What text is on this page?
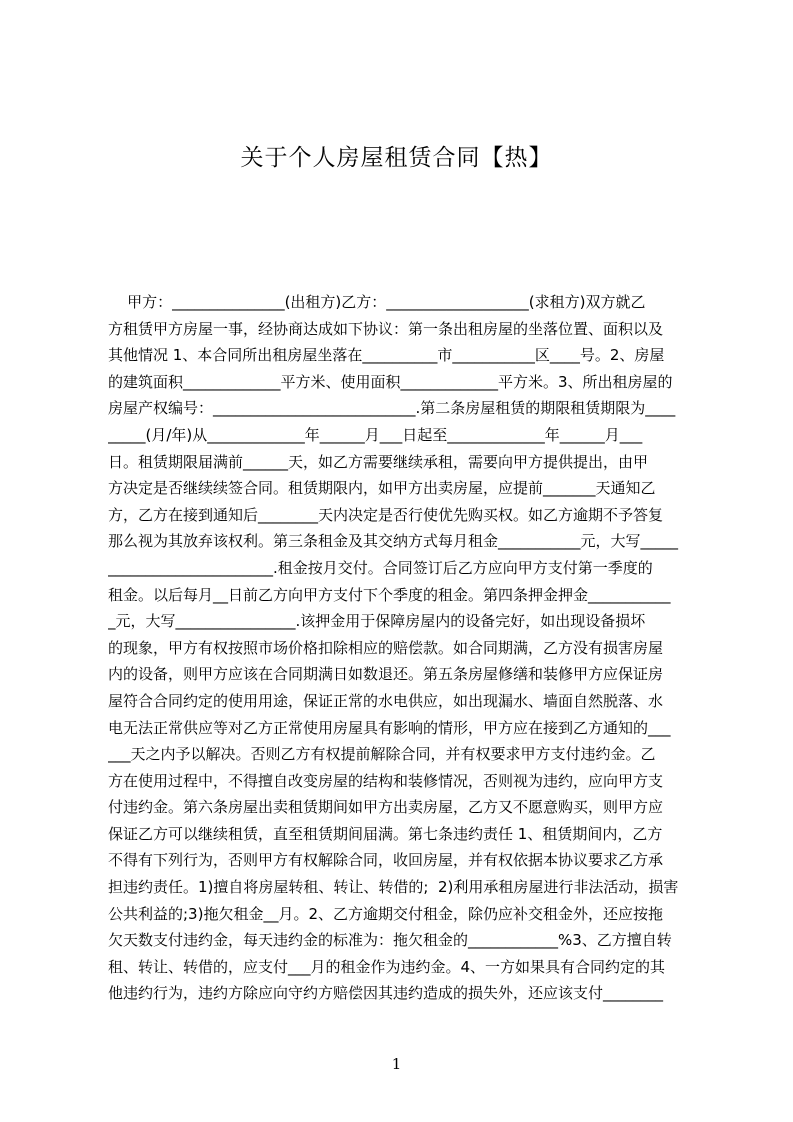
关于个人房屋租赁合同【热】
甲方：_______________(出租方)乙方：___________________(求租方)双方就乙
方租赁甲方房屋一事，经协商达成如下协议：第一条出租房屋的坐落位置、面积以及
其他情况 1、本合同所出租房屋坐落在__________市___________区____号。2、房屋
的建筑面积_____________平方米、使用面积_____________平方米。3、所出租房屋的
房屋产权编号：___________________________.第二条房屋租赁的期限租赁期限为____
_____(月/年)从_____________年______月___日起至_____________年______月___
日。租赁期限届满前______天，如乙方需要继续承租，需要向甲方提供提出，由甲
方决定是否继续续签合同。租赁期限内，如甲方出卖房屋，应提前_______天通知乙
方，乙方在接到通知后________天内决定是否行使优先购买权。如乙方逾期不予答复
那么视为其放弃该权利。第三条租金及其交纳方式每月租金___________元，大写_____
______________________.租金按月交付。合同签订后乙方应向甲方支付第一季度的
租金。以后每月__日前乙方向甲方支付下个季度的租金。第四条押金押金___________
_元，大写________________.该押金用于保障房屋内的设备完好，如出现设备损坏
的现象，甲方有权按照市场价格扣除相应的赔偿款。如合同期满，乙方没有损害房屋
内的设备，则甲方应该在合同期满日如数退还。第五条房屋修缮和装修甲方应保证房
屋符合合同约定的使用用途，保证正常的水电供应，如出现漏水、墙面自然脱落、水
电无法正常供应等对乙方正常使用房屋具有影响的情形，甲方应在接到乙方通知的___
___天之内予以解决。否则乙方有权提前解除合同，并有权要求甲方支付违约金。乙
方在使用过程中，不得擅自改变房屋的结构和装修情况，否则视为违约，应向甲方支
付违约金。第六条房屋出卖租赁期间如甲方出卖房屋，乙方又不愿意购买，则甲方应
保证乙方可以继续租赁，直至租赁期间届满。第七条违约责任 1、租赁期间内，乙方
不得有下列行为，否则甲方有权解除合同，收回房屋，并有权依据本协议要求乙方承
担违约责任。1)擅自将房屋转租、转让、转借的;  2)利用承租房屋进行非法活动，损害
公共利益的;3)拖欠租金__月。2、乙方逾期交付租金，除仍应补交租金外，还应按拖
欠天数支付违约金，每天违约金的标准为：拖欠租金的____________%3、乙方擅自转
租、转让、转借的，应支付___月的租金作为违约金。4、一方如果具有合同约定的其
他违约行为，违约方除应向守约方赔偿因其违约造成的损失外，还应该支付________
1
